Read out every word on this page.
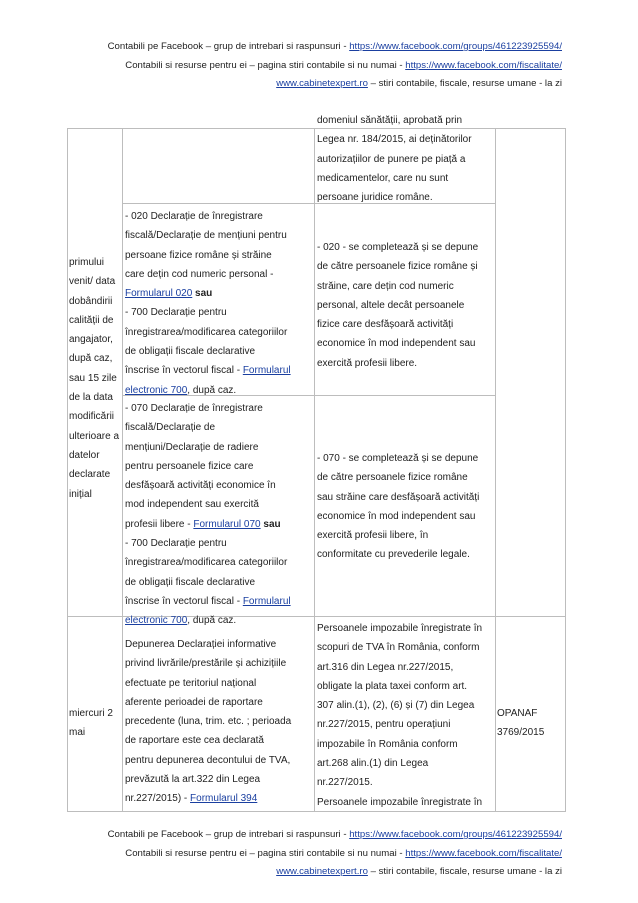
Contabili pe Facebook – grup de intrebari si raspunsuri - https://www.facebook.com/groups/461223925594/
Contabili si resurse pentru ei – pagina stiri contabile si nu numai - https://www.facebook.com/fiscalitate/
www.cabinetexpert.ro – stiri contabile, fiscale, resurse umane - la zi
primului
venit/ data
dobândirii
calității de
angajator,
după caz,
sau 15 zile
de la data
modificării
ulterioare a
datelor
declarate
inițial
domeniul sănătății, aprobată prin
Legea nr. 184/2015, ai deținătorilor
autorizațiilor de punere pe piață a
medicamentelor, care nu sunt
persoane juridice române.
- 020 Declarație de înregistrare
fiscală/Declarație de mențiuni pentru
persoane fizice române și străine
care dețin cod numeric personal -
Formularul 020 sau
- 700 Declarație pentru
înregistrarea/modificarea categoriilor
de obligații fiscale declarative
înscrise în vectorul fiscal - Formularul
electronic 700, după caz.
- 020 - se completează și se depune
de către persoanele fizice române și
străine, care dețin cod numeric
personal, altele decât persoanele
fizice care desfășoară activități
economice în mod independent sau
exercită profesii libere.
- 070 Declarație de înregistrare
fiscală/Declarație de
mențiuni/Declarație de radiere
pentru persoanele fizice care
desfășoară activități economice în
mod independent sau exercită
profesii libere - Formularul 070 sau
- 700 Declarație pentru
înregistrarea/modificarea categoriilor
de obligații fiscale declarative
înscrise în vectorul fiscal - Formularul
electronic 700, după caz.
- 070 - se completează și se depune
de către persoanele fizice române
sau străine care desfășoară activități
economice în mod independent sau
exercită profesii libere, în
conformitate cu prevederile legale.
miercuri 2
mai
Depunerea Declarației informative
privind livrările/prestările și achizițiile
efectuate pe teritoriul național
aferente perioadei de raportare
precedente (luna, trim. etc. ; perioada
de raportare este cea declarată
pentru depunerea decontului de TVA,
prevăzută la art.322 din Legea
nr.227/2015) - Formularul 394
Persoanele impozabile înregistrate în
scopuri de TVA în România, conform
art.316 din Legea nr.227/2015,
obligate la plata taxei conform art.
307 alin.(1), (2), (6) și (7) din Legea
nr.227/2015, pentru operațiuni
impozabile în România conform
art.268 alin.(1) din Legea
nr.227/2015.
Persoanele impozabile înregistrate în
OPANAF
3769/2015
Contabili pe Facebook – grup de intrebari si raspunsuri - https://www.facebook.com/groups/461223925594/
Contabili si resurse pentru ei – pagina stiri contabile si nu numai - https://www.facebook.com/fiscalitate/
www.cabinetexpert.ro – stiri contabile, fiscale, resurse umane - la zi
